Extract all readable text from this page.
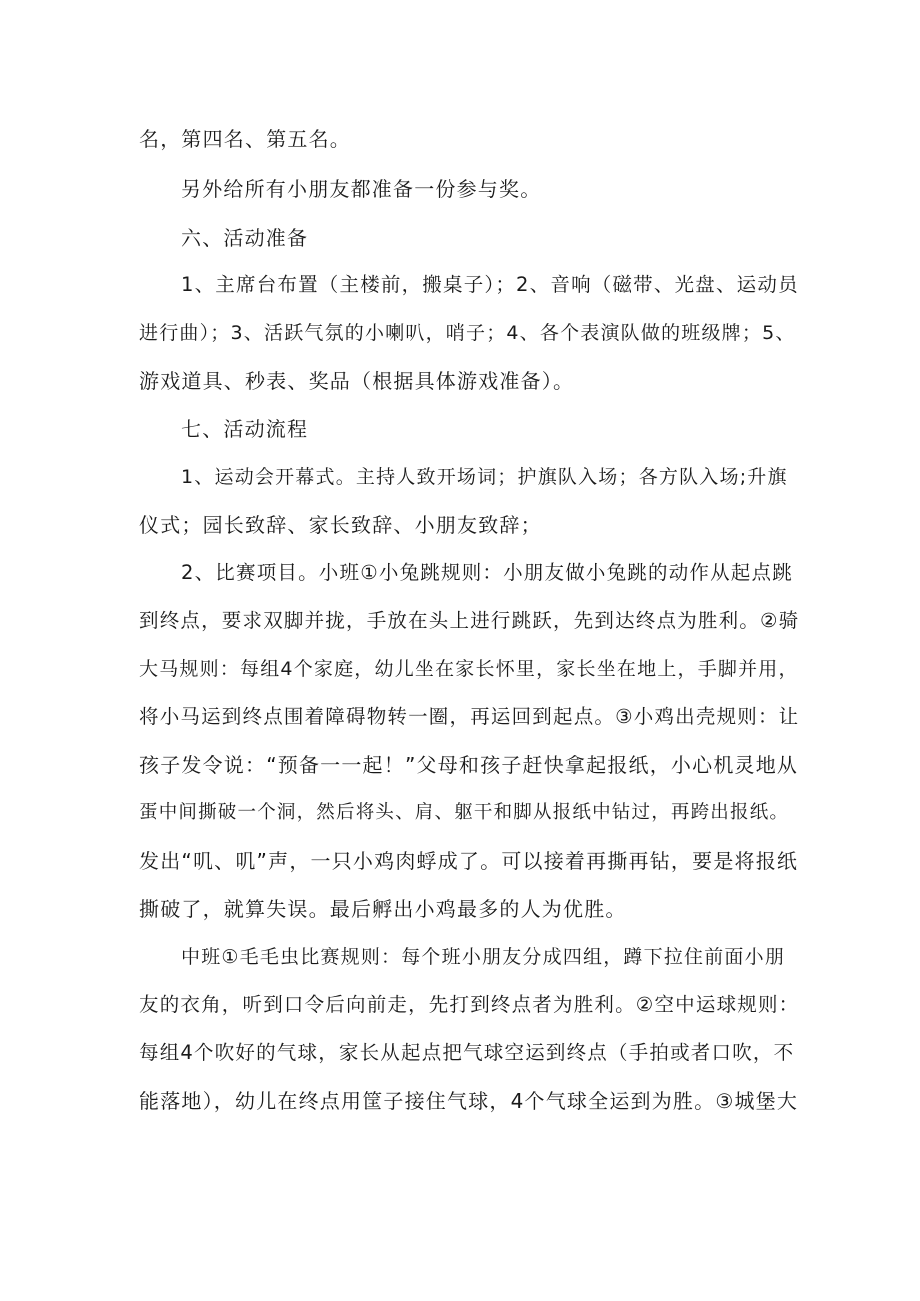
名，第四名、第五名。
另外给所有小朋友都准备一份参与奖。
六、活动准备
1、主席台布置（主楼前，搬桌子）；2、音响（磁带、光盘、运动员
进行曲）；3、活跃气氛的小喇叭，哨子；4、各个表演队做的班级牌；5、
游戏道具、秒表、奖品（根据具体游戏准备）。
七、活动流程
1、运动会开幕式。主持人致开场词；护旗队入场；各方队入场;升旗
仪式；园长致辞、家长致辞、小朋友致辞；
2、比赛项目。小班①小兔跳规则：小朋友做小兔跳的动作从起点跳
到终点，要求双脚并拢，手放在头上进行跳跃，先到达终点为胜利。②骑
大马规则：每组4个家庭，幼儿坐在家长怀里，家长坐在地上，手脚并用，
将小马运到终点围着障碍物转一圈，再运回到起点。③小鸡出壳规则：让
孩子发令说：“预备一一起！”父母和孩子赶快拿起报纸，小心机灵地从
蛋中间撕破一个洞，然后将头、肩、躯干和脚从报纸中钻过，再跨出报纸。
发出“叽、叽”声，一只小鸡肉蜉成了。可以接着再撕再钻，要是将报纸
撕破了，就算失误。最后孵出小鸡最多的人为优胜。
中班①毛毛虫比赛规则：每个班小朋友分成四组，蹲下拉住前面小朋
友的衣角，听到口令后向前走，先打到终点者为胜利。②空中运球规则：
每组4个吹好的气球，家长从起点把气球空运到终点（手拍或者口吹，不
能落地），幼儿在终点用筐子接住气球，4个气球全运到为胜。③城堡大
